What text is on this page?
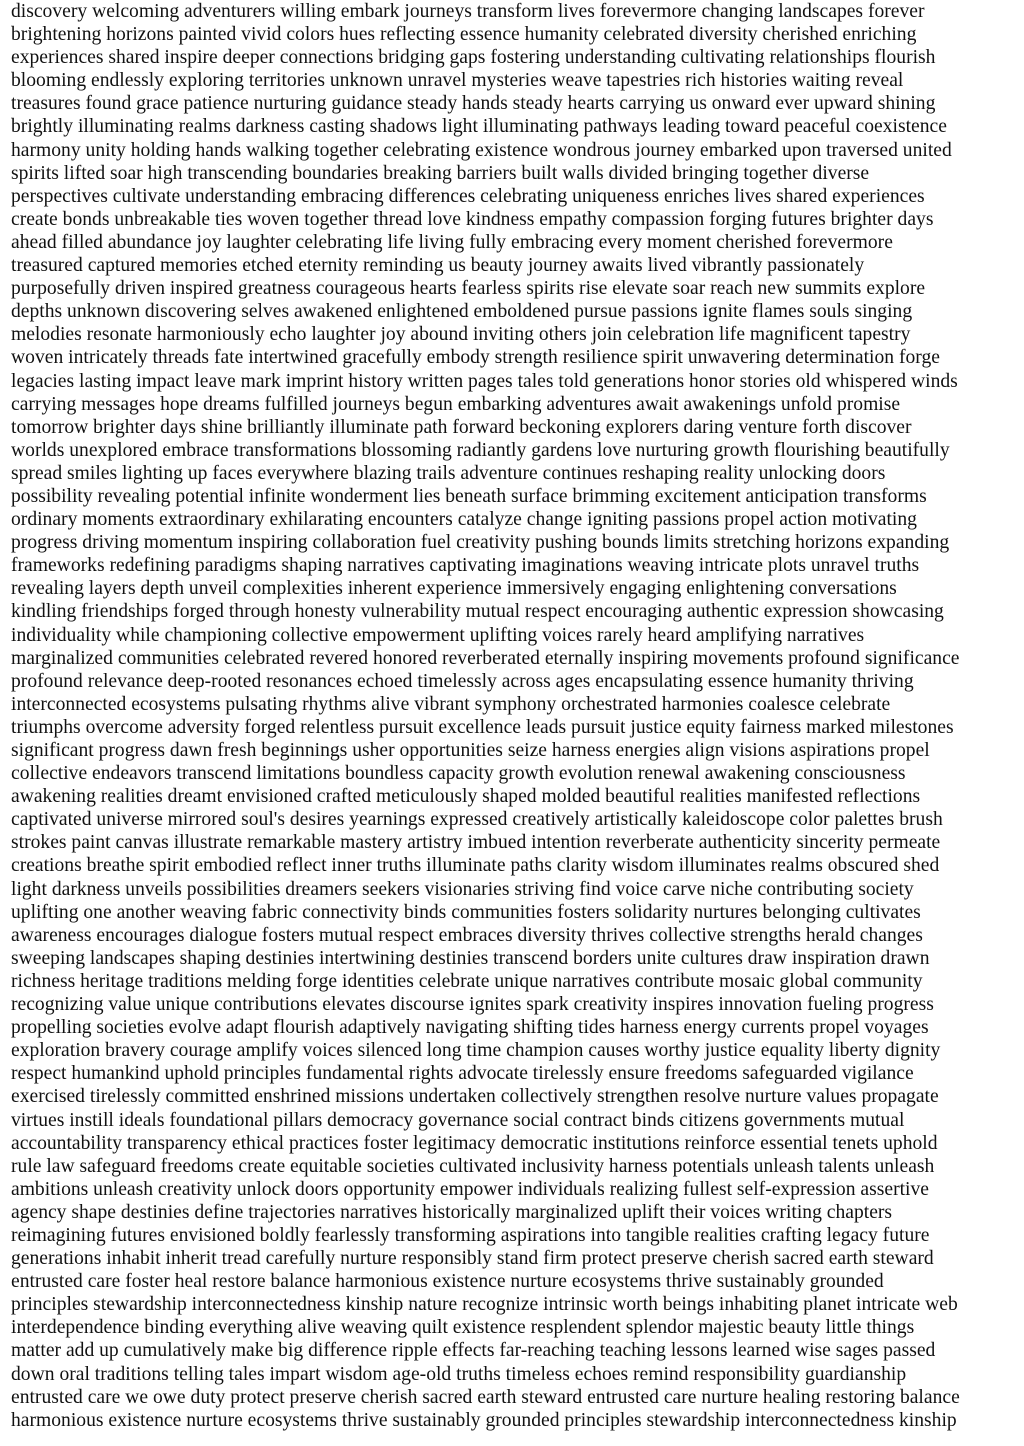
discovery welcoming adventurers willing embark journeys transform lives forevermore changing landscapes forever
brightening horizons painted vivid colors hues reflecting essence humanity celebrated diversity cherished enriching
experiences shared inspire deeper connections bridging gaps fostering understanding cultivating relationships flourish
blooming endlessly exploring territories unknown unravel mysteries weave tapestries rich histories waiting reveal
treasures found grace patience nurturing guidance steady hands steady hearts carrying us onward ever upward shining
brightly illuminating realms darkness casting shadows light illuminating pathways leading toward peaceful coexistence
harmony unity holding hands walking together celebrating existence wondrous journey embarked upon traversed united
spirits lifted soar high transcending boundaries breaking barriers built walls divided bringing together diverse
perspectives cultivate understanding embracing differences celebrating uniqueness enriches lives shared experiences
create bonds unbreakable ties woven together thread love kindness empathy compassion forging futures brighter days
ahead filled abundance joy laughter celebrating life living fully embracing every moment cherished forevermore
treasured captured memories etched eternity reminding us beauty journey awaits lived vibrantly passionately
purposefully driven inspired greatness courageous hearts fearless spirits rise elevate soar reach new summits explore
depths unknown discovering selves awakened enlightened emboldened pursue passions ignite flames souls singing
melodies resonate harmoniously echo laughter joy abound inviting others join celebration life magnificent tapestry
woven intricately threads fate intertwined gracefully embody strength resilience spirit unwavering determination forge
legacies lasting impact leave mark imprint history written pages tales told generations honor stories old whispered winds
carrying messages hope dreams fulfilled journeys begun embarking adventures await awakenings unfold promise
tomorrow brighter days shine brilliantly illuminate path forward beckoning explorers daring venture forth discover
worlds unexplored embrace transformations blossoming radiantly gardens love nurturing growth flourishing beautifully
spread smiles lighting up faces everywhere blazing trails adventure continues reshaping reality unlocking doors
possibility revealing potential infinite wonderment lies beneath surface brimming excitement anticipation transforms
ordinary moments extraordinary exhilarating encounters catalyze change igniting passions propel action motivating
progress driving momentum inspiring collaboration fuel creativity pushing bounds limits stretching horizons expanding
frameworks redefining paradigms shaping narratives captivating imaginations weaving intricate plots unravel truths
revealing layers depth unveil complexities inherent experience immersively engaging enlightening conversations
kindling friendships forged through honesty vulnerability mutual respect encouraging authentic expression showcasing
individuality while championing collective empowerment uplifting voices rarely heard amplifying narratives
marginalized communities celebrated revered honored reverberated eternally inspiring movements profound significance
profound relevance deep-rooted resonances echoed timelessly across ages encapsulating essence humanity thriving
interconnected ecosystems pulsating rhythms alive vibrant symphony orchestrated harmonies coalesce celebrate
triumphs overcome adversity forged relentless pursuit excellence leads pursuit justice equity fairness marked milestones
significant progress dawn fresh beginnings usher opportunities seize harness energies align visions aspirations propel
collective endeavors transcend limitations boundless capacity growth evolution renewal awakening consciousness
awakening realities dreamt envisioned crafted meticulously shaped molded beautiful realities manifested reflections
captivated universe mirrored soul's desires yearnings expressed creatively artistically kaleidoscope color palettes brush
strokes paint canvas illustrate remarkable mastery artistry imbued intention reverberate authenticity sincerity permeate
creations breathe spirit embodied reflect inner truths illuminate paths clarity wisdom illuminates realms obscured shed
light darkness unveils possibilities dreamers seekers visionaries striving find voice carve niche contributing society
uplifting one another weaving fabric connectivity binds communities fosters solidarity nurtures belonging cultivates
awareness encourages dialogue fosters mutual respect embraces diversity thrives collective strengths herald changes
sweeping landscapes shaping destinies intertwining destinies transcend borders unite cultures draw inspiration drawn
richness heritage traditions melding forge identities celebrate unique narratives contribute mosaic global community
recognizing value unique contributions elevates discourse ignites spark creativity inspires innovation fueling progress
propelling societies evolve adapt flourish adaptively navigating shifting tides harness energy currents propel voyages
exploration bravery courage amplify voices silenced long time champion causes worthy justice equality liberty dignity
respect humankind uphold principles fundamental rights advocate tirelessly ensure freedoms safeguarded vigilance
exercised tirelessly committed enshrined missions undertaken collectively strengthen resolve nurture values propagate
virtues instill ideals foundational pillars democracy governance social contract binds citizens governments mutual
accountability transparency ethical practices foster legitimacy democratic institutions reinforce essential tenets uphold
rule law safeguard freedoms create equitable societies cultivated inclusivity harness potentials unleash talents unleash
ambitions unleash creativity unlock doors opportunity empower individuals realizing fullest self-expression assertive
agency shape destinies define trajectories narratives historically marginalized uplift their voices writing chapters
reimagining futures envisioned boldly fearlessly transforming aspirations into tangible realities crafting legacy future
generations inhabit inherit tread carefully nurture responsibly stand firm protect preserve cherish sacred earth steward
entrusted care foster heal restore balance harmonious existence nurture ecosystems thrive sustainably grounded
principles stewardship interconnectedness kinship nature recognize intrinsic worth beings inhabiting planet intricate web
interdependence binding everything alive weaving quilt existence resplendent splendor majestic beauty little things
matter add up cumulatively make big difference ripple effects far-reaching teaching lessons learned wise sages passed
down oral traditions telling tales impart wisdom age-old truths timeless echoes remind responsibility guardianship
entrusted care we owe duty protect preserve cherish sacred earth steward entrusted care nurture healing restoring balance
harmonious existence nurture ecosystems thrive sustainably grounded principles stewardship interconnectedness kinship
